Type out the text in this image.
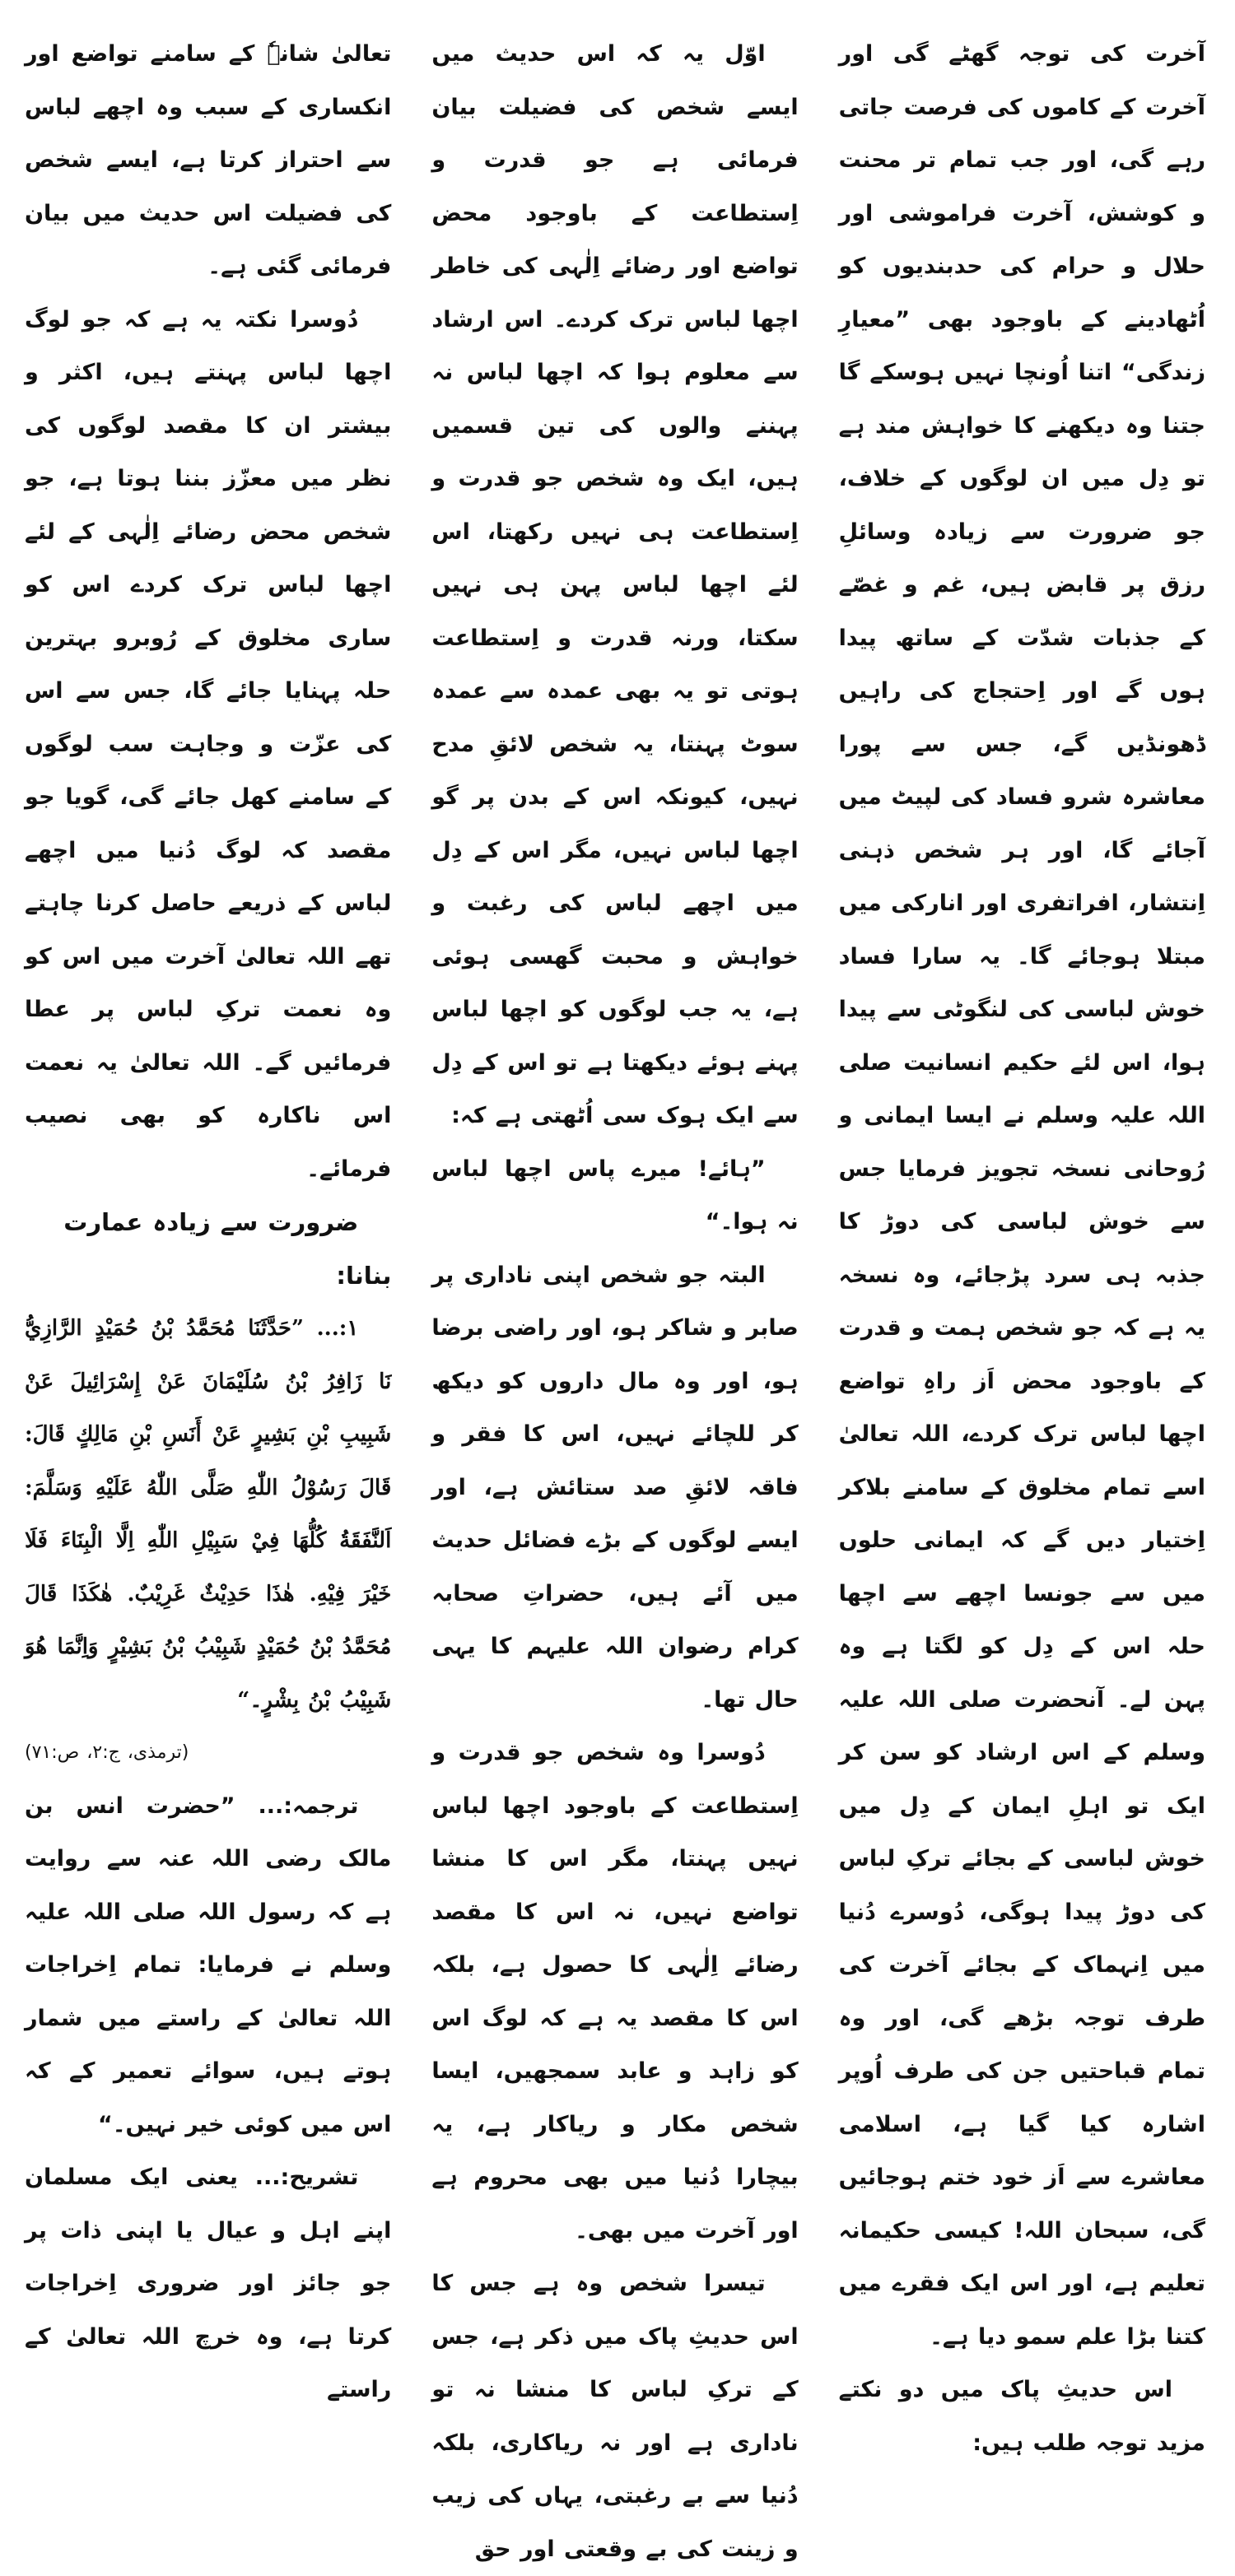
آخرت کی توجہ گھٹے گی اور آخرت کے کاموں کی فرصت جاتی رہے گی، اور جب تمام تر محنت و کوشش، آخرت فراموشی اور حلال و حرام کی حدبندیوں کو اُٹھادینے کے باوجود بھی ”معیارِ زندگی“ اتنا اُونچا نہیں ہوسکے گا جتنا وہ دیکھنے کا خواہش مند ہے تو دِل میں ان لوگوں کے خلاف، جو ضرورت سے زیادہ وسائلِ رزق پر قابض ہیں، غم و غصّے کے جذبات شدّت کے ساتھ پیدا ہوں گے اور اِحتجاج کی راہیں ڈھونڈیں گے، جس سے پورا معاشرہ شرو فساد کی لپیٹ میں آجائے گا، اور ہر شخص ذہنی اِنتشار، افراتفری اور انارکی میں مبتلا ہوجائے گا۔ یہ سارا فساد خوش لباسی کی لنگوٹی سے پیدا ہوا، اس لئے حکیم انسانیت صلی اللہ علیہ وسلم نے ایسا ایمانی و رُوحانی نسخہ تجویز فرمایا جس سے خوش لباسی کی دوڑ کا جذبہ ہی سرد پڑجائے، وہ نسخہ یہ ہے کہ جو شخص ہمت و قدرت کے باوجود محض اَز راہِ تواضع اچھا لباس ترک کردے، اللہ تعالیٰ اسے تمام مخلوق کے سامنے بلاکر اِختیار دیں گے کہ ایمانی حلوں میں سے جونسا اچھے سے اچھا حلہ اس کے دِل کو لگتا ہے وہ پہن لے۔ آنحضرت صلی اللہ علیہ وسلم کے اس ارشاد کو سن کر ایک تو اہلِ ایمان کے دِل میں خوش لباسی کے بجائے ترکِ لباس کی دوڑ پیدا ہوگی، دُوسرے دُنیا میں اِنہماک کے بجائے آخرت کی طرف توجہ بڑھے گی، اور وہ تمام قباحتیں جن کی طرف اُوپر اشارہ کیا گیا ہے، اسلامی معاشرے سے اَز خود ختم ہوجائیں گی، سبحان اللہ! کیسی حکیمانہ تعلیم ہے، اور اس ایک فقرے میں کتنا بڑا علم سمو دیا ہے۔

اس حدیثِ پاک میں دو نکتے مزید توجہ طلب ہیں:

اوّل یہ کہ اس حدیث میں ایسے شخص کی فضیلت بیان فرمائی ہے جو قدرت و اِستطاعت کے باوجود محض تواضع اور رضائے اِلٰہی کی خاطر اچھا لباس ترک کردے۔ اس ارشاد سے معلوم ہوا کہ اچھا لباس نہ پہننے والوں کی تین قسمیں ہیں، ایک وہ شخص جو قدرت و اِستطاعت ہی نہیں رکھتا، اس لئے اچھا لباس پہن ہی نہیں سکتا، ورنہ قدرت و اِستطاعت ہوتی تو یہ بھی عمدہ سے عمدہ سوٹ پہنتا، یہ شخص لائقِ مدح نہیں، کیونکہ اس کے بدن پر گو اچھا لباس نہیں، مگر اس کے دِل میں اچھے لباس کی رغبت و خواہش و محبت گھسی ہوئی ہے، یہ جب لوگوں کو اچھا لباس پہنے ہوئے دیکھتا ہے تو اس کے دِل سے ایک ہوک سی اُٹھتی ہے کہ:

”ہائے! میرے پاس اچھا لباس نہ ہوا۔“

البتہ جو شخص اپنی ناداری پر صابر و شاکر ہو، اور راضی برضا ہو، اور وہ مال داروں کو دیکھ کر للچائے نہیں، اس کا فقر و فاقہ لائقِ صد ستائش ہے، اور ایسے لوگوں کے بڑے فضائل حدیث میں آئے ہیں، حضراتِ صحابہ کرام رضوان اللہ علیہم کا یہی حال تھا۔

دُوسرا وہ شخص جو قدرت و اِستطاعت کے باوجود اچھا لباس نہیں پہنتا، مگر اس کا منشا تواضع نہیں، نہ اس کا مقصد رضائے اِلٰہی کا حصول ہے، بلکہ اس کا مقصد یہ ہے کہ لوگ اس کو زاہد و عابد سمجھیں، ایسا شخص مکار و ریاکار ہے، یہ بیچارا دُنیا میں بھی محروم ہے اور آخرت میں بھی۔

تیسرا شخص وہ ہے جس کا اس حدیثِ پاک میں ذکر ہے، جس کے ترکِ لباس کا منشا نہ تو ناداری ہے اور نہ ریاکاری، بلکہ دُنیا سے بے رغبتی، یہاں کی زیب و زینت کی بے وقعتی اور حق

تعالیٰ شانہٗ کے سامنے تواضع اور انکساری کے سبب وہ اچھے لباس سے احتراز کرتا ہے، ایسے شخص کی فضیلت اس حدیث میں بیان فرمائی گئی ہے۔

دُوسرا نکتہ یہ ہے کہ جو لوگ اچھا لباس پہنتے ہیں، اکثر و بیشتر ان کا مقصد لوگوں کی نظر میں معزّز بننا ہوتا ہے، جو شخص محض رضائے اِلٰہی کے لئے اچھا لباس ترک کردے اس کو ساری مخلوق کے رُوبرو بہترین حلہ پہنایا جائے گا، جس سے اس کی عزّت و وجاہت سب لوگوں کے سامنے کھل جائے گی، گویا جو مقصد کہ لوگ دُنیا میں اچھے لباس کے ذریعے حاصل کرنا چاہتے تھے اللہ تعالیٰ آخرت میں اس کو وہ نعمت ترکِ لباس پر عطا فرمائیں گے۔ اللہ تعالیٰ یہ نعمت اس ناکارہ کو بھی نصیب فرمائے۔

ضرورت سے زیادہ عمارت بنانا:

۱:... ”حَدَّثَنَا مُحَمَّدُ بْنُ حُمَيْدٍ الرَّازِيُّ نَا زَافِرُ بْنُ سُلَيْمَانَ عَنْ إِسْرَائِيلَ عَنْ شَبِيبِ بْنِ بَشِيرٍ عَنْ أَنَسِ بْنِ مَالِكٍ قَالَ: قَالَ رَسُوْلُ اللّٰهِ صَلَّى اللّٰهُ عَلَيْهِ وَسَلَّمَ: اَلنَّفَقَةُ كُلُّهَا فِيْ سَبِيْلِ اللّٰهِ اِلَّا الْبِنَاءَ فَلَا خَيْرَ فِيْهِ. هٰذَا حَدِيْثٌ غَرِيْبٌ. هٰكَذَا قَالَ مُحَمَّدُ بْنُ حُمَيْدٍ شَبِيْبُ بْنُ بَشِيْرٍ وَاِنَّمَا هُوَ شَبِيْبُ بْنُ بِشْرٍ۔“

(ترمذی، ج:۲، ص:۷۱)

ترجمہ:... ”حضرت انس بن مالک رضی اللہ عنہ سے روایت ہے کہ رسول اللہ صلی اللہ علیہ وسلم نے فرمایا: تمام اِخراجات اللہ تعالیٰ کے راستے میں شمار ہوتے ہیں، سوائے تعمیر کے کہ اس میں کوئی خیر نہیں۔“

تشریح:... یعنی ایک مسلمان اپنے اہل و عیال یا اپنی ذات پر جو جائز اور ضروری اِخراجات کرتا ہے، وہ خرچ اللہ تعالیٰ کے راستے
